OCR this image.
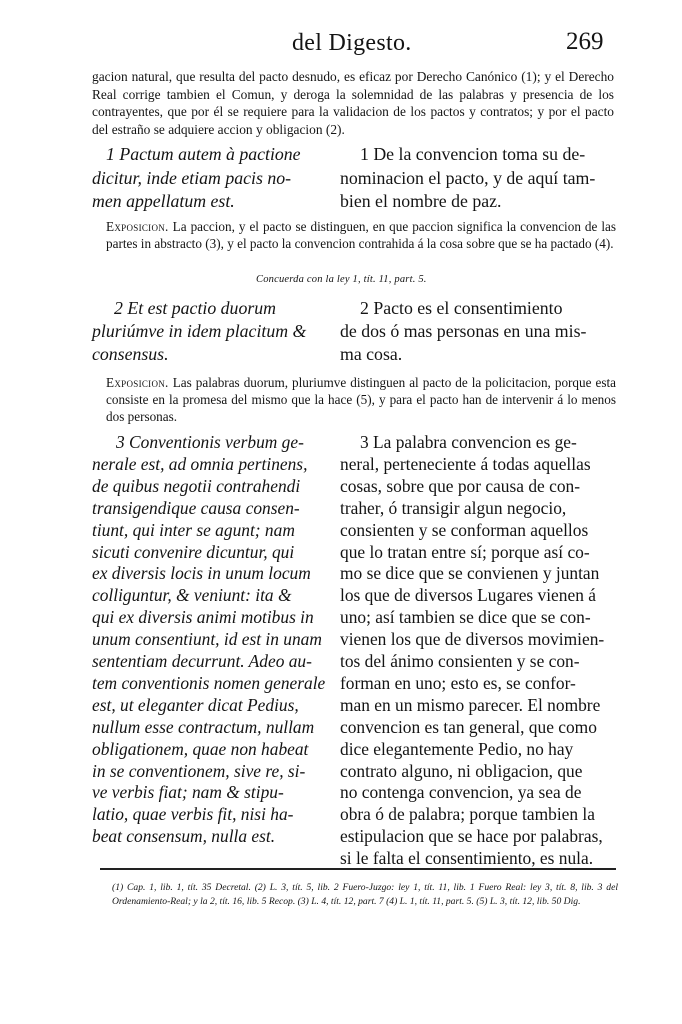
del Digesto.	269
gacion natural, que resulta del pacto desnudo, es eficaz por Derecho Canónico (1); y el Derecho Real corrige tambien el Comun, y deroga la solemnidad de las palabras y presencia de los contrayentes, que por él se requiere para la validacion de los pactos y contratos; y por el pacto del estraño se adquiere accion y obligacion (2).
1 Pactum autem à pactione
dicitur, inde etiam pacis no-
men appellatum est.
1 De la convencion toma su de-
nominacion el pacto, y de aquí tam-
bien el nombre de paz.
Exposicion. La paccion, y el pacto se distinguen, en que paccion significa la convencion de las partes in abstracto (3), y el pacto la convencion contrahida á la cosa sobre que se ha pactado (4).
Concuerda con la ley 1, tít. 11, part. 5.
2 Et est pactio duorum
pluriúmve in idem placitum &
consensus.
2 Pacto es el consentimiento
de dos ó mas personas en una mis-
ma cosa.
Exposicion. Las palabras duorum, pluriumve distinguen al pacto de la policitacion, porque esta consiste en la promesa del mismo que la hace (5), y para el pacto han de intervenir á lo menos dos personas.
3 Conventionis verbum ge-
nerale est, ad omnia pertinens,
de quibus negotii contrahendi
transigendique causa consen-
tiunt, qui inter se agunt; nam
sicuti convenire dicuntur, qui
ex diversis locis in unum locum
colliguntur, & veniunt: ita &
qui ex diversis animi motibus in
unum consentiunt, id est in unam
sententiam decurrunt. Adeo au-
tem conventionis nomen generale
est, ut eleganter dicat Pedius,
nullum esse contractum, nullam
obligationem, quae non habeat
in se conventionem, sive re, si-
ve verbis fiat; nam & stipu-
latio, quae verbis fit, nisi ha-
beat consensum, nulla est.
3 La palabra convencion es ge-
neral, perteneciente á todas aquellas
cosas, sobre que por causa de con-
traher, ó transigir algun negocio,
consienten y se conforman aquellos
que lo tratan entre sí; porque así co-
mo se dice que se convienen y juntan
los que de diversos Lugares vienen á
uno; así tambien se dice que se con-
vienen los que de diversos movimien-
tos del ánimo consienten y se con-
forman en uno; esto es, se confor-
man en un mismo parecer. El nombre
convencion es tan general, que como
dice elegantemente Pedio, no hay
contrato alguno, ni obligacion, que
no contenga convencion, ya sea de
obra ó de palabra; porque tambien la
estipulacion que se hace por palabras,
si le falta el consentimiento, es nula.
(1) Cap. 1, lib. 1, tít. 35 Decretal. (2) L. 3, tít. 5, lib. 2 Fuero-Juzgo: ley 1, tít. 11, lib. 1 Fuero Real: ley 3, tít. 8, lib. 3 del Ordenamiento-Real; y la 2, tít. 16, lib. 5 Recop. (3) L. 4, tít. 12, part. 7 (4) L. 1, tít. 11, part. 5. (5) L. 3, tít. 12, lib. 50 Dig.
